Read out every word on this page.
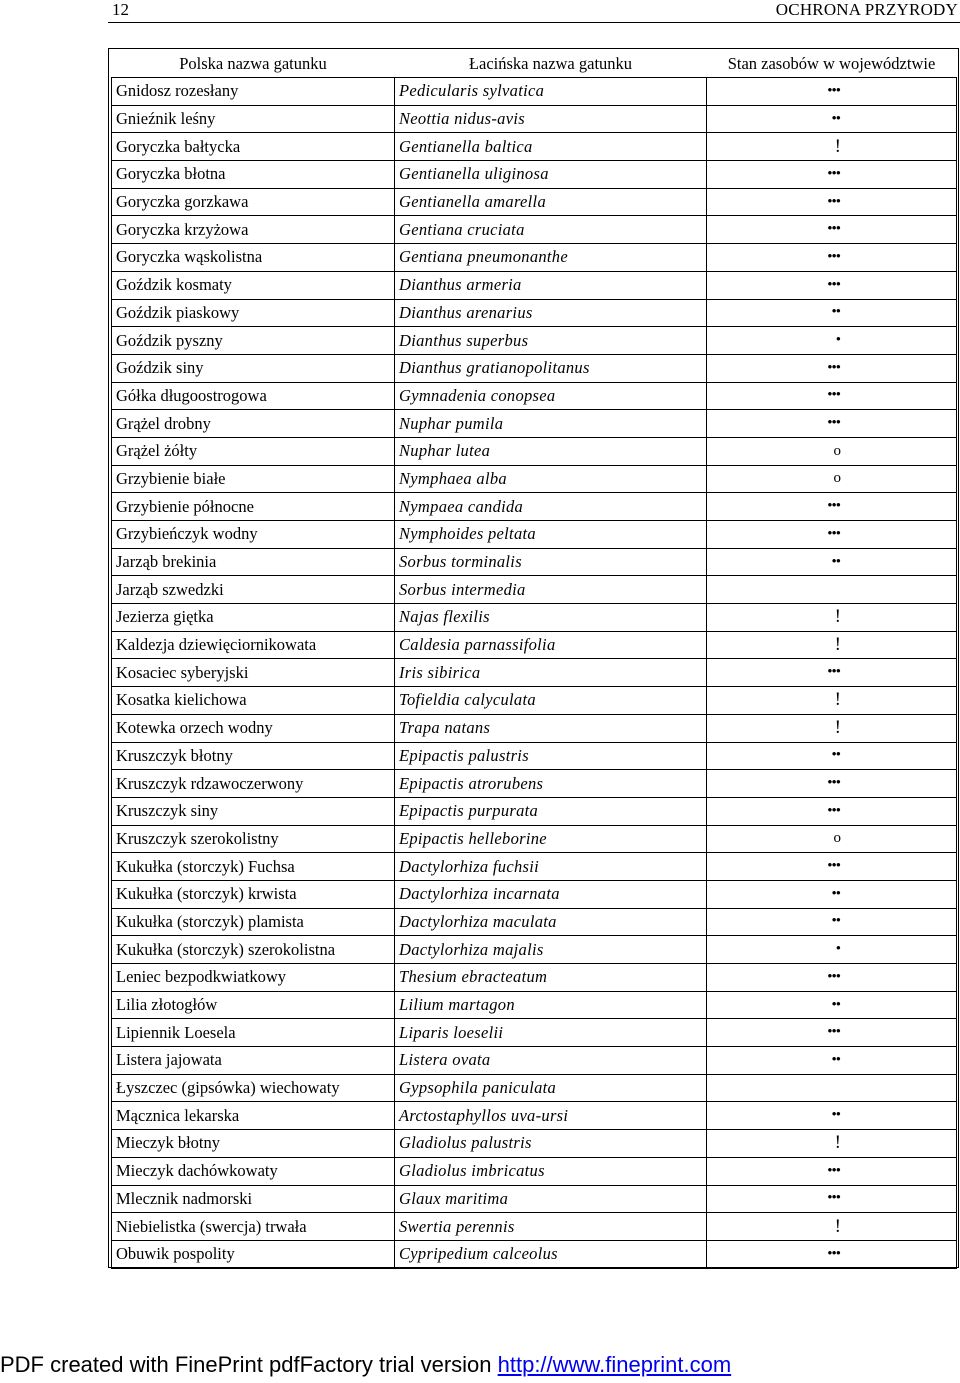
12	OCHRONA PRZYRODY
Polska nazwa gatunku	Łacińska nazwa gatunku	Stan zasobów w województwie
Gnidosz rozesłany	Pedicularis sylvatica	•••
Gnieźnik leśny	Neottia nidus-avis	••
Goryczka bałtycka	Gentianella baltica	!
Goryczka błotna	Gentianella uliginosa	•••
Goryczka gorzkawa	Gentianella amarella	•••
Goryczka krzyżowa	Gentiana cruciata	•••
Goryczka wąskolistna	Gentiana pneumonanthe	•••
Goździk kosmaty	Dianthus armeria	•••
Goździk piaskowy	Dianthus arenarius	••
Goździk pyszny	Dianthus superbus	•
Goździk siny	Dianthus gratianopolitanus	•••
Gółka długoostrogowa	Gymnadenia conopsea	•••
Grążel drobny	Nuphar pumila	•••
Grążel żółty	Nuphar lutea	o
Grzybienie białe	Nymphaea alba	o
Grzybienie północne	Nympaea candida	•••
Grzybieńczyk wodny	Nymphoides peltata	•••
Jarząb brekinia	Sorbus torminalis	••
Jarząb szwedzki	Sorbus intermedia	
Jezierza giętka	Najas flexilis	!
Kaldezja dziewięciornikowata	Caldesia parnassifolia	!
Kosaciec syberyjski	Iris sibirica	•••
Kosatka kielichowa	Tofieldia calyculata	!
Kotewka orzech wodny	Trapa natans	!
Kruszczyk błotny	Epipactis palustris	••
Kruszczyk rdzawoczerwony	Epipactis atrorubens	•••
Kruszczyk siny	Epipactis purpurata	•••
Kruszczyk szerokolistny	Epipactis helleborine	o
Kukułka (storczyk) Fuchsa	Dactylorhiza fuchsii	•••
Kukułka (storczyk) krwista	Dactylorhiza incarnata	••
Kukułka (storczyk) plamista	Dactylorhiza maculata	••
Kukułka (storczyk) szerokolistna	Dactylorhiza majalis	•
Leniec bezpodkwiatkowy	Thesium ebracteatum	•••
Lilia złotogłów	Lilium martagon	••
Lipiennik Loesela	Liparis loeselii	•••
Listera jajowata	Listera ovata	••
Łyszczec (gipsówka) wiechowaty	Gypsophila paniculata	
Mącznica lekarska	Arctostaphyllos uva-ursi	••
Mieczyk błotny	Gladiolus palustris	!
Mieczyk dachówkowaty	Gladiolus imbricatus	•••
Mlecznik nadmorski	Glaux maritima	•••
Niebielistka (swercja) trwała	Swertia perennis	!
Obuwik pospolity	Cypripedium calceolus	•••
PDF created with FinePrint pdfFactory trial version http://www.fineprint.com
